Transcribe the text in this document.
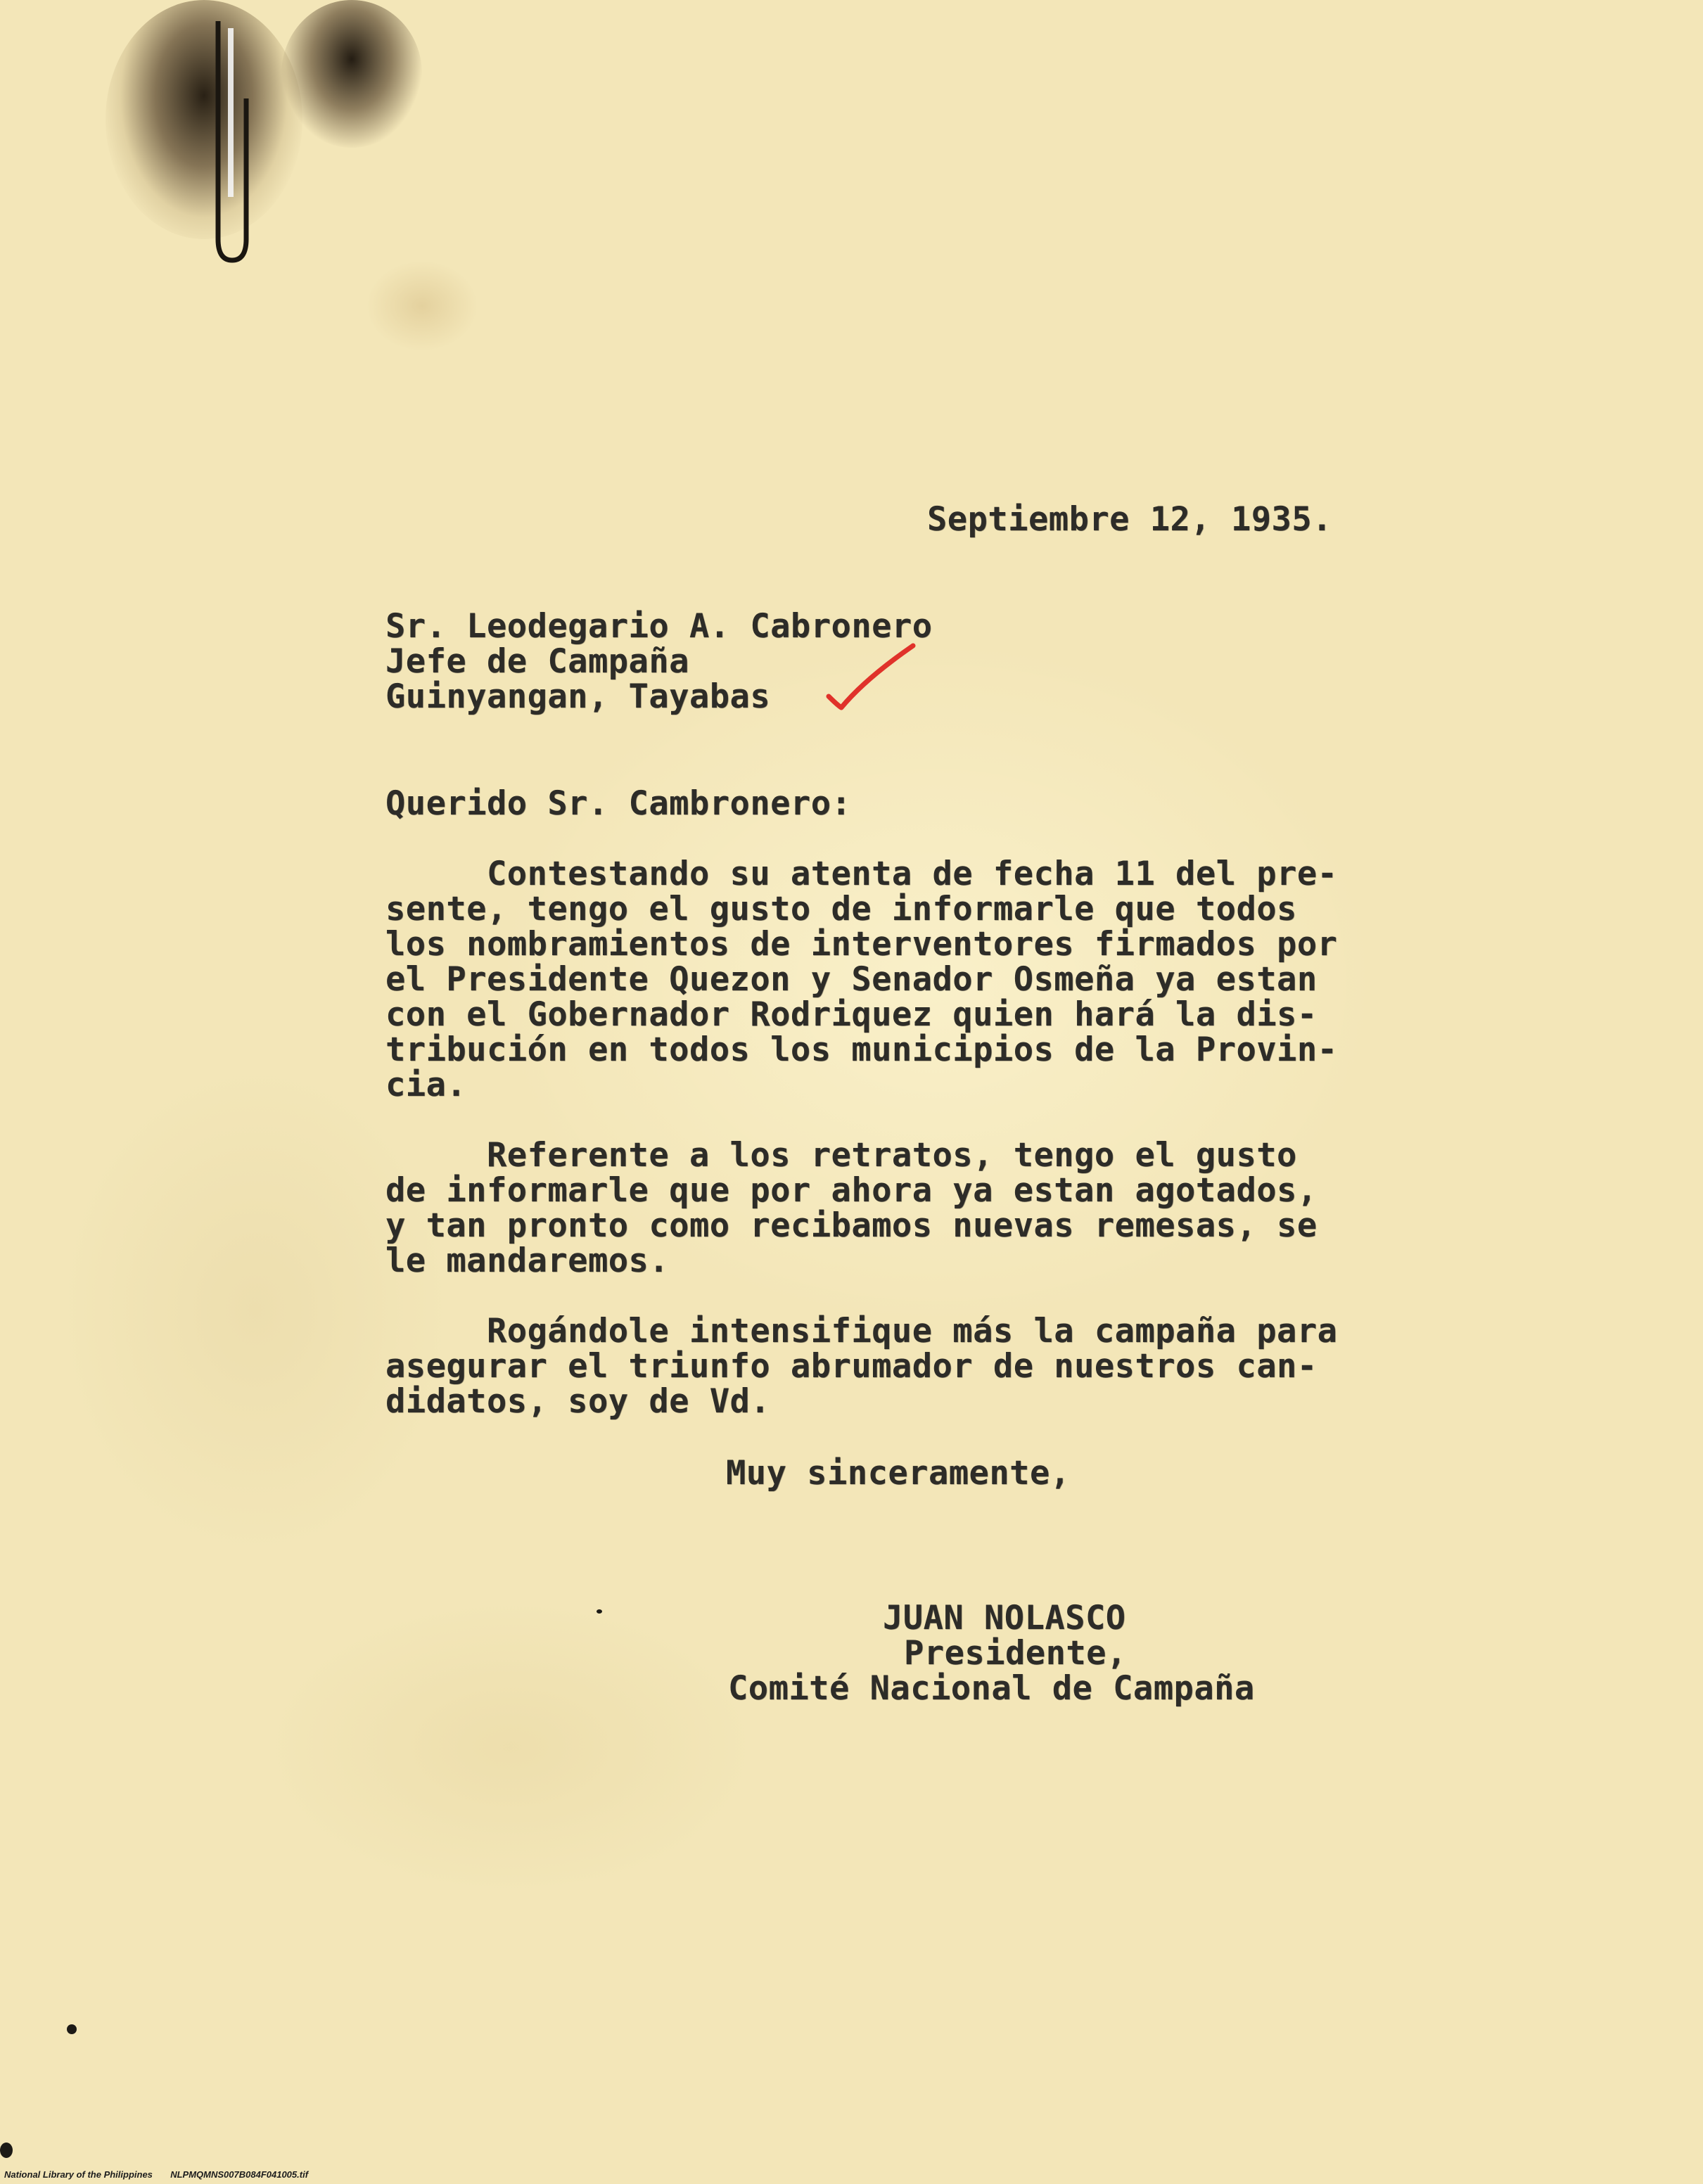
Septiembre 12, 1935.
Sr. Leodegario A. Cabronero
Jefe de Campaña
Guinyangan, Tayabas
Querido Sr. Cambronero:
Contestando su atenta de fecha 11 del pre-
sente, tengo el gusto de informarle que todos
los nombramientos de interventores firmados por
el Presidente Quezon y Senador Osmeña ya estan
con el Gobernador Rodriquez quien hará la dis-
tribución en todos los municipios de la Provin-
cia.
Referente a los retratos, tengo el gusto
de informarle que por ahora ya estan agotados,
y tan pronto como recibamos nuevas remesas, se
le mandaremos.
Rogándole intensifique más la campaña para
asegurar el triunfo abrumador de nuestros can-
didatos, soy de Vd.
Muy sinceramente,
JUAN NOLASCO
Presidente,
Comité Nacional de Campaña
National Library of the Philippines NLPMQMNS007B084F041005.tif
